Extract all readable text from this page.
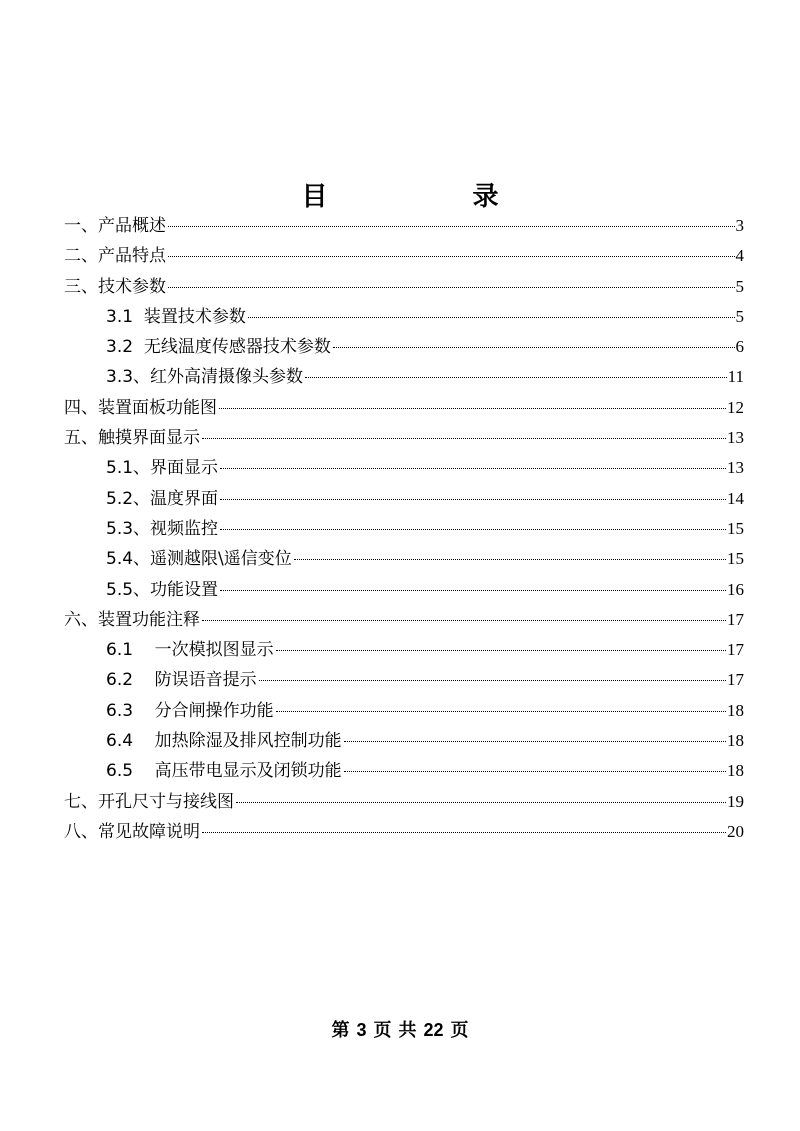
目 录
一、产品概述	3
二、产品特点	4
三、技术参数	5
3.1  装置技术参数	5
3.2  无线温度传感器技术参数	6
3.3、红外高清摄像头参数	11
四、装置面板功能图	12
五、触摸界面显示	13
5.1、界面显示	13
5.2、温度界面	14
5.3、视频监控	15
5.4、遥测越限\遥信变位	15
5.5、功能设置	16
六、装置功能注释	17
6.1    一次模拟图显示	17
6.2    防误语音提示	17
6.3    分合闸操作功能	18
6.4    加热除湿及排风控制功能	18
6.5    高压带电显示及闭锁功能	18
七、开孔尺寸与接线图	19
八、常见故障说明	20
第 3 页 共 22 页
